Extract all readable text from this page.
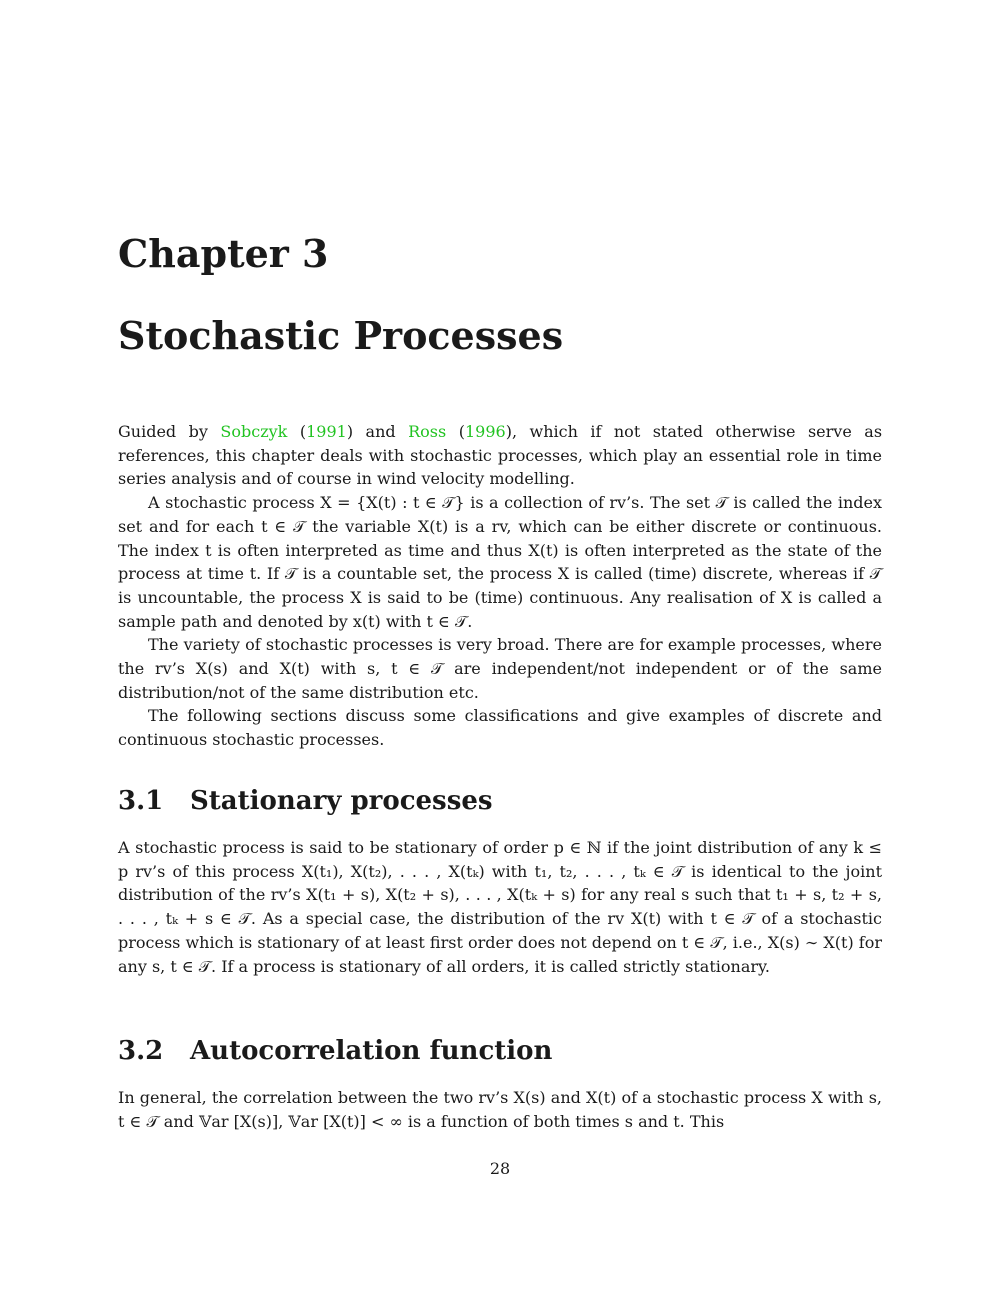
Chapter 3
Stochastic Processes

Guided by Sobczyk (1991) and Ross (1996), which if not stated otherwise serve as references, this chapter deals with stochastic processes, which play an essential role in time series analysis and of course in wind velocity modelling.

A stochastic process X = {X(t) : t ∈ 𝒯} is a collection of rv’s. The set 𝒯 is called the index set and for each t ∈ 𝒯 the variable X(t) is a rv, which can be either discrete or continuous. The index t is often interpreted as time and thus X(t) is often interpreted as the state of the process at time t. If 𝒯 is a countable set, the process X is called (time) discrete, whereas if 𝒯 is uncountable, the process X is said to be (time) continuous. Any realisation of X is called a sample path and denoted by x(t) with t ∈ 𝒯.

The variety of stochastic processes is very broad. There are for example processes, where the rv’s X(s) and X(t) with s, t ∈ 𝒯 are independent/not independent or of the same distribution/not of the same distribution etc.

The following sections discuss some classifications and give examples of discrete and continuous stochastic processes.

3.1 Stationary processes

A stochastic process is said to be stationary of order p ∈ ℕ if the joint distribution of any k ≤ p rv’s of this process X(t₁), X(t₂), . . . , X(tₖ) with t₁, t₂, . . . , tₖ ∈ 𝒯 is identical to the joint distribution of the rv’s X(t₁ + s), X(t₂ + s), . . . , X(tₖ + s) for any real s such that t₁ + s, t₂ + s, . . . , tₖ + s ∈ 𝒯. As a special case, the distribution of the rv X(t) with t ∈ 𝒯 of a stochastic process which is stationary of at least first order does not depend on t ∈ 𝒯, i.e., X(s) ∼ X(t) for any s, t ∈ 𝒯. If a process is stationary of all orders, it is called strictly stationary.

3.2 Autocorrelation function

In general, the correlation between the two rv’s X(s) and X(t) of a stochastic process X with s, t ∈ 𝒯 and 𝕍ar [X(s)], 𝕍ar [X(t)] < ∞ is a function of both times s and t. This

28
